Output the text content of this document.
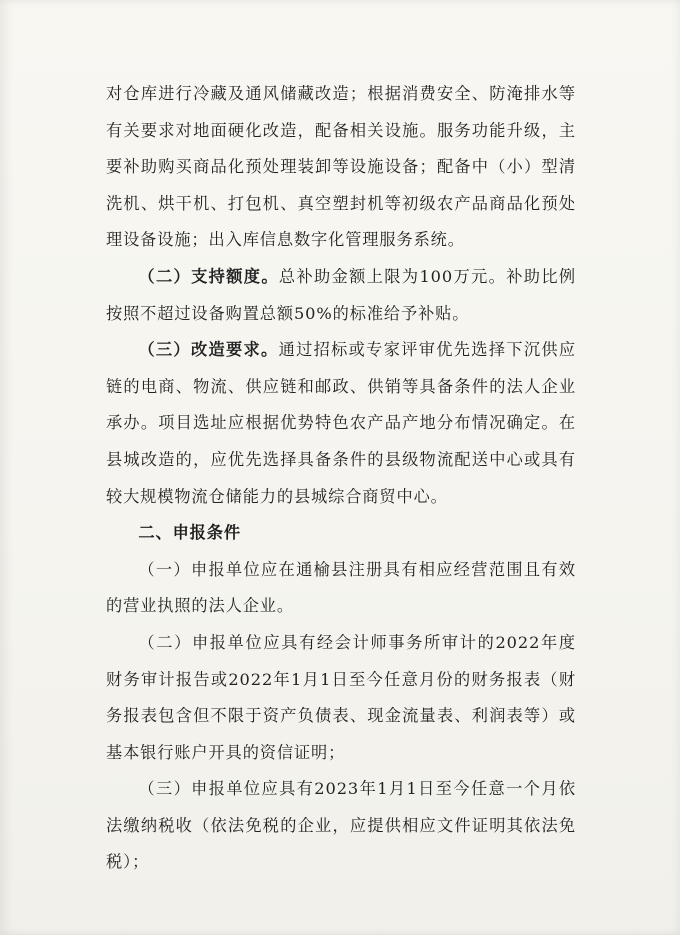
对仓库进行冷藏及通风储藏改造；根据消费安全、防淹排水等有关要求对地面硬化改造，配备相关设施。服务功能升级，主要补助购买商品化预处理装卸等设施设备；配备中（小）型清洗机、烘干机、打包机、真空塑封机等初级农产品商品化预处理设备设施；出入库信息数字化管理服务系统。

（二）支持额度。总补助金额上限为100万元。补助比例按照不超过设备购置总额50%的标准给予补贴。

（三）改造要求。通过招标或专家评审优先选择下沉供应链的电商、物流、供应链和邮政、供销等具备条件的法人企业承办。项目选址应根据优势特色农产品产地分布情况确定。在县城改造的，应优先选择具备条件的县级物流配送中心或具有较大规模物流仓储能力的县城综合商贸中心。

二、申报条件

（一）申报单位应在通榆县注册具有相应经营范围且有效的营业执照的法人企业。

（二）申报单位应具有经会计师事务所审计的2022年度财务审计报告或2022年1月1日至今任意月份的财务报表（财务报表包含但不限于资产负债表、现金流量表、利润表等）或基本银行账户开具的资信证明；

（三）申报单位应具有2023年1月1日至今任意一个月依法缴纳税收（依法免税的企业，应提供相应文件证明其依法免税）；
